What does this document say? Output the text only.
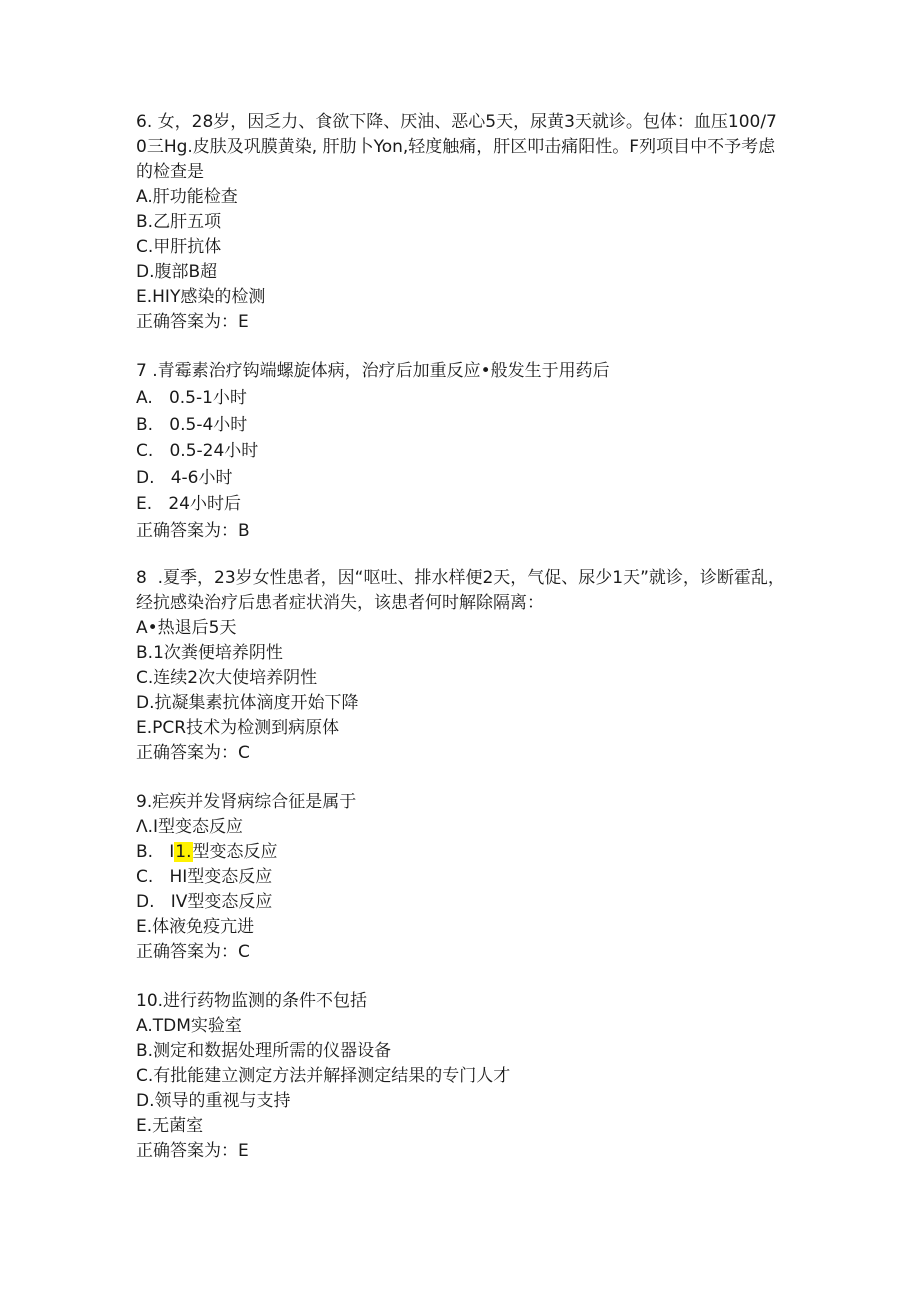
6. 女，28岁，因乏力、食欲下降、厌油、恶心5天，尿黄3天就诊。包体：血压100/70三Hg.皮肤及巩膜黄染, 肝肋卜Yon,轻度触痛，肝区叩击痛阳性。F列项目中不予考虑的检查是

A.肝功能检查

B.乙肝五项

C.甲肝抗体

D.腹部B超

E.HIY感染的检测

正确答案为：E

7 .青霉素治疗钩端螺旋体病，治疗后加重反应•般发生于用药后

A.   0.5-1小时

B.   0.5-4小时

C.   0.5-24小时

D.   4-6小时

E.   24小时后

正确答案为：B

8  .夏季，23岁女性患者，因“呕吐、排水样便2天，气促、尿少1天”就诊，诊断霍乱，经抗感染治疗后患者症状消失，该患者何时解除隔离：

A•热退后5天

B.1次粪便培养阴性

C.连续2次大使培养阴性

D.抗凝集素抗体滴度开始下降

E.PCR技术为检测到病原体

正确答案为：C

9.疟疾并发肾病综合征是属于

Λ.I型变态反应

B.   I1.型变态反应

C.   HI型变态反应

D.   IV型变态反应

E.体液免疫亢进

正确答案为：C

10.进行药物监测的条件不包括

A.TDM实验室

B.测定和数据处理所需的仪器设备

C.有批能建立测定方法并解择测定结果的专门人才

D.领导的重视与支持

E.无菌室

正确答案为：E
